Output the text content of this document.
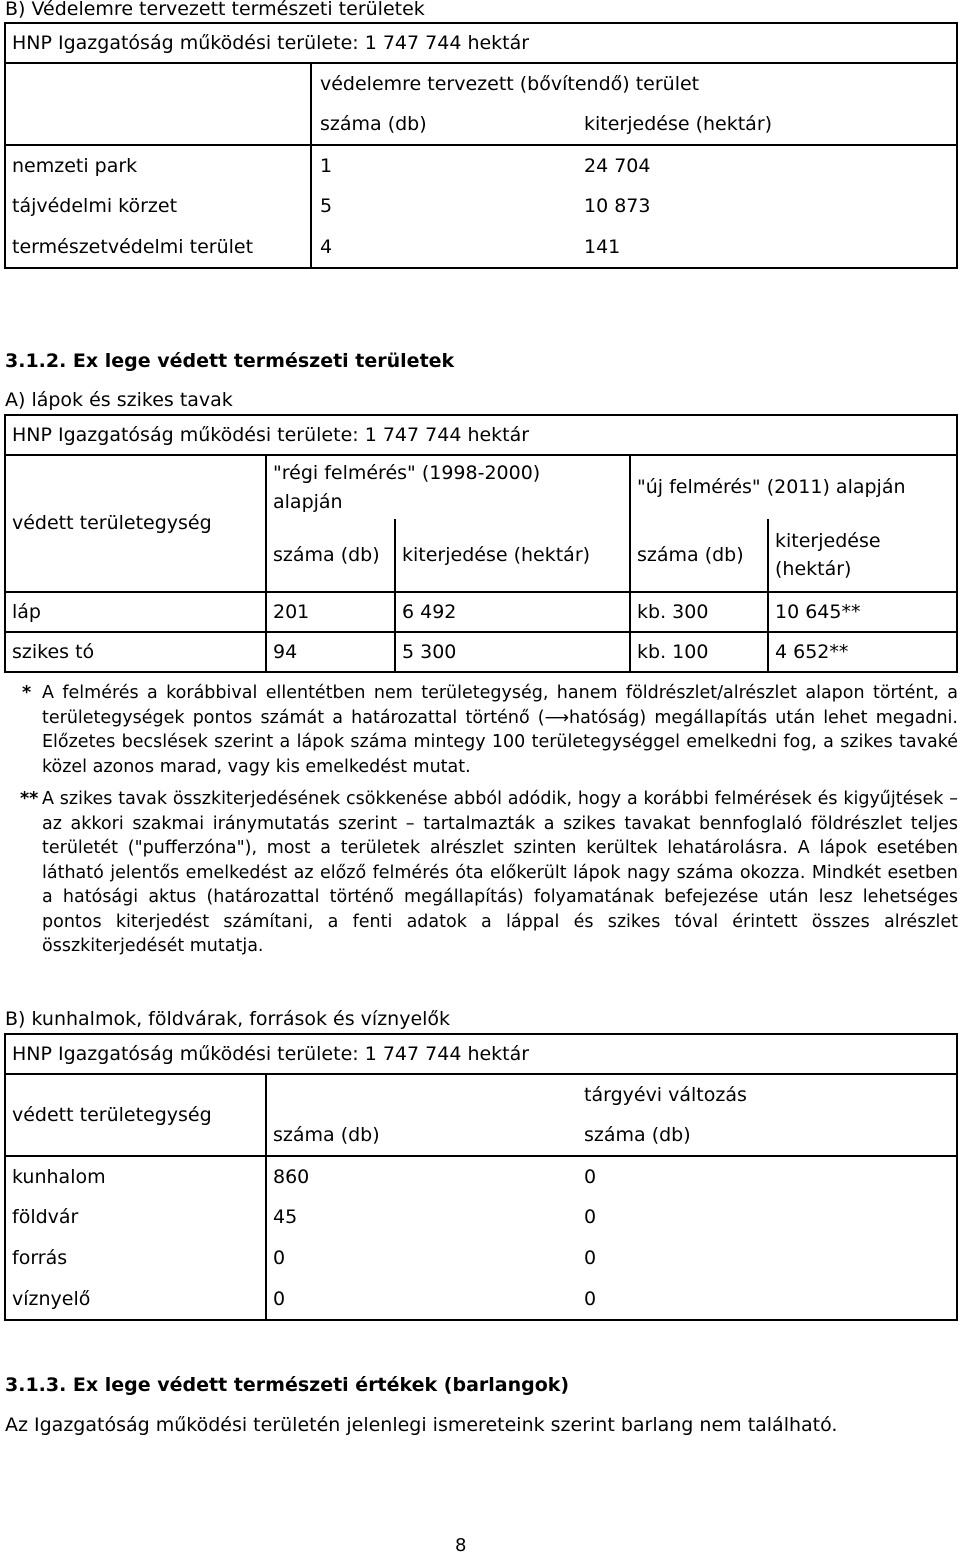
B) Védelemre tervezett természeti területek
HNP Igazgatóság működési területe: 1 747 744 hektár		
	védelemre tervezett (bővítendő) terület	
	száma (db)	kiterjedése (hektár)
nemzeti park	1	24 704
tájvédelmi körzet	5	10 873
természetvédelmi terület	4	141
3.1.2. Ex lege védett természeti területek
A) lápok és szikes tavak
HNP Igazgatóság működési területe: 1 747 744 hektár				
védett területegység	"régi felmérés" (1998-2000) alapján		"új felmérés" (2011) alapján	
	száma (db)	kiterjedése (hektár)	száma (db)	kiterjedése (hektár)
láp	201	6 492	kb. 300	10 645**
szikes tó	94	5 300	kb. 100	4 652**
* A felmérés a korábbival ellentétben nem területegység, hanem földrészlet/alrészlet alapon történt, a területegységek pontos számát a határozattal történő (⟶hatóság) megállapítás után lehet megadni. Előzetes becslések szerint a lápok száma mintegy 100 területegységgel emelkedni fog, a szikes tavaké közel azonos marad, vagy kis emelkedést mutat.
** A szikes tavak összkiterjedésének csökkenése abból adódik, hogy a korábbi felmérések és kigyűjtések – az akkori szakmai iránymutatás szerint – tartalmazták a szikes tavakat bennfoglaló földrészlet teljes területét ("pufferzóna"), most a területek alrészlet szinten kerültek lehatárolásra. A lápok esetében látható jelentős emelkedést az előző felmérés óta előkerült lápok nagy száma okozza. Mindkét esetben a hatósági aktus (határozattal történő megállapítás) folyamatának befejezése után lesz lehetséges pontos kiterjedést számítani, a fenti adatok a láppal és szikes tóval érintett összes alrészlet összkiterjedését mutatja.
B) kunhalmok, földvárak, források és víznyelők
HNP Igazgatóság működési területe: 1 747 744 hektár		
védett területegység		tárgyévi változás
	száma (db)	száma (db)
kunhalom	860	0
földvár	45	0
forrás	0	0
víznyelő	0	0
3.1.3. Ex lege védett természeti értékek (barlangok)
Az Igazgatóság működési területén jelenlegi ismereteink szerint barlang nem található.
8
